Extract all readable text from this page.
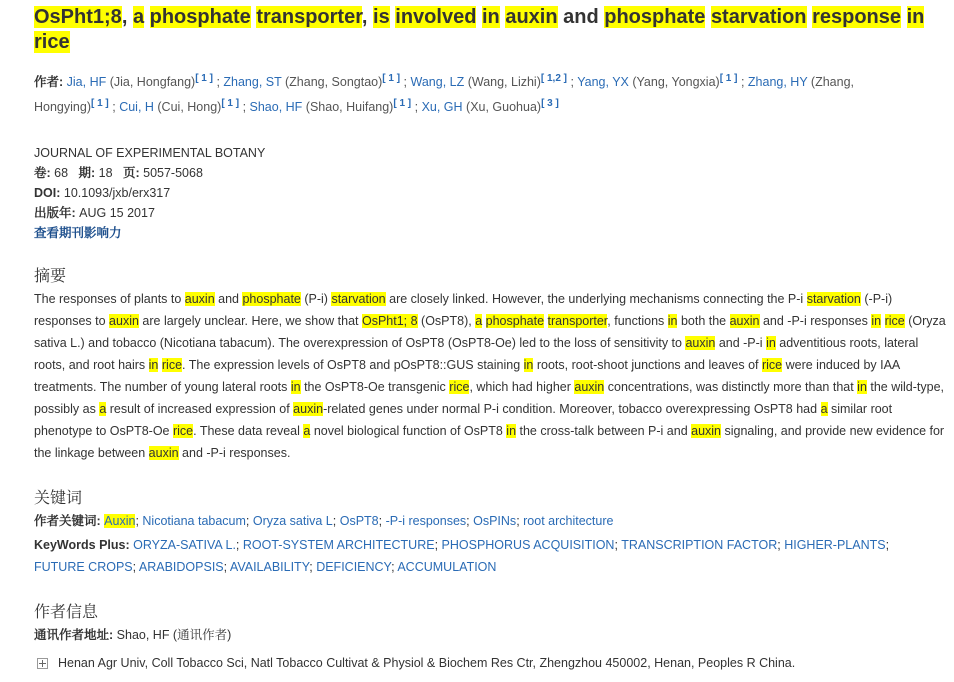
OsPht1;8, a phosphate transporter, is involved in auxin and phosphate starvation response in rice
作者: Jia, HF (Jia, Hongfang)[ 1 ] ; Zhang, ST (Zhang, Songtao)[ 1 ] ; Wang, LZ (Wang, Lizhi)[ 1,2 ] ; Yang, YX (Yang, Yongxia)[ 1 ] ; Zhang, HY (Zhang, Hongying)[ 1 ] ; Cui, H (Cui, Hong)[ 1 ] ; Shao, HF (Shao, Huifang)[ 1 ] ; Xu, GH (Xu, Guohua)[ 3 ]
JOURNAL OF EXPERIMENTAL BOTANY
卷: 68 期: 18 页: 5057-5068
DOI: 10.1093/jxb/erx317
出版年: AUG 15 2017
查看期刊影响力
摘要

The responses of plants to auxin and phosphate (P-i) starvation are closely linked. However, the underlying mechanisms connecting the P-i starvation (-P-i) responses to auxin are largely unclear. Here, we show that OsPht1; 8 (OsPT8), a phosphate transporter, functions in both the auxin and -P-i responses in rice (Oryza sativa L.) and tobacco (Nicotiana tabacum). The overexpression of OsPT8 (OsPT8-Oe) led to the loss of sensitivity to auxin and -P-i in adventitious roots, lateral roots, and root hairs in rice. The expression levels of OsPT8 and pOsPT8::GUS staining in roots, root-shoot junctions and leaves of rice were induced by IAA treatments. The number of young lateral roots in the OsPT8-Oe transgenic rice, which had higher auxin concentrations, was distinctly more than that in the wild-type, possibly as a result of increased expression of auxin-related genes under normal P-i condition. Moreover, tobacco overexpressing OsPT8 had a similar root phenotype to OsPT8-Oe rice. These data reveal a novel biological function of OsPT8 in the cross-talk between P-i and auxin signaling, and provide new evidence for the linkage between auxin and -P-i responses.

关键词
作者关键词: Auxin; Nicotiana tabacum; Oryza sativa L; OsPT8; -P-i responses; OsPINs; root architecture
KeyWords Plus: ORYZA-SATIVA L.; ROOT-SYSTEM ARCHITECTURE; PHOSPHORUS ACQUISITION; TRANSCRIPTION FACTOR; HIGHER-PLANTS; FUTURE CROPS; ARABIDOPSIS; AVAILABILITY; DEFICIENCY; ACCUMULATION
作者信息
通讯作者地址: Shao, HF (通讯作者)
Henan Agr Univ, Coll Tobacco Sci, Natl Tobacco Cultivat & Physiol & Biochem Res Ctr, Zhengzhou 450002, Henan, Peoples R China.
